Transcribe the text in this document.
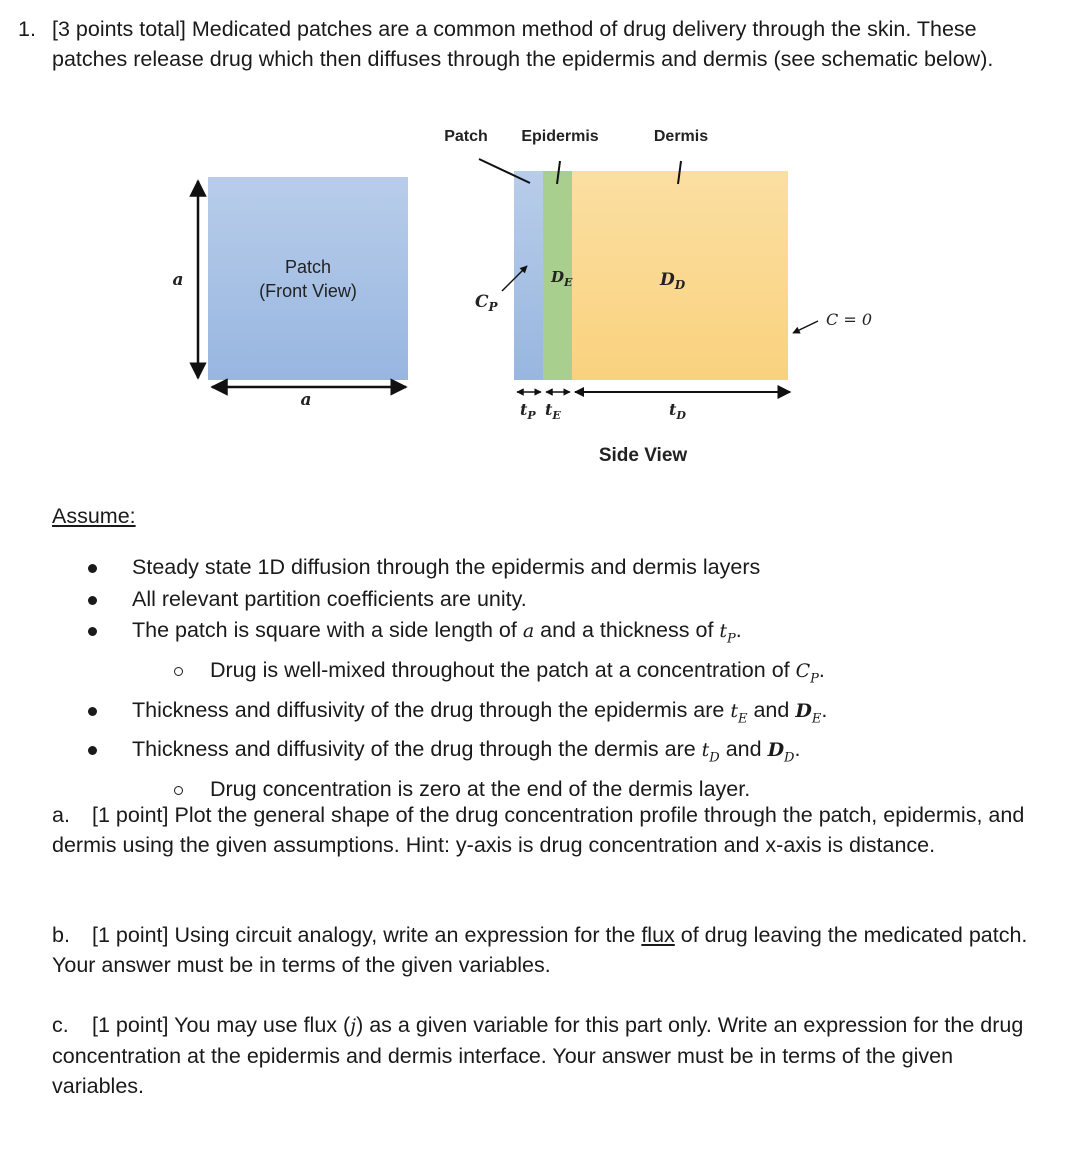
1. [3 points total] Medicated patches are a common method of drug delivery through the skin. These patches release drug which then diffuses through the epidermis and dermis (see schematic below).
Patch
(Front View)
a
a
Patch Epidermis	Dermis
$D_E$	$D_D$
$C_P$
C = 0
$t_P$ $t_E$	$t_D$
Side View
Assume:
Steady state 1D diffusion through the epidermis and dermis layers
All relevant partition coefficients are unity.
The patch is square with a side length of a and a thickness of $t_P$.
Drug is well-mixed throughout the patch at a concentration of $C_P$.
Thickness and diffusivity of the drug through the epidermis are $t_E$ and $D_E$.
Thickness and diffusivity of the drug through the dermis are $t_D$ and $D_D$.
Drug concentration is zero at the end of the dermis layer.
a.	[1 point] Plot the general shape of the drug concentration profile through the patch, epidermis, and dermis using the given assumptions. Hint: y-axis is drug concentration and x-axis is distance.
b.	[1 point] Using circuit analogy, write an expression for the flux of drug leaving the medicated patch. Your answer must be in terms of the given variables.
c.	[1 point] You may use flux (j) as a given variable for this part only. Write an expression for the drug concentration at the epidermis and dermis interface. Your answer must be in terms of the given variables.
